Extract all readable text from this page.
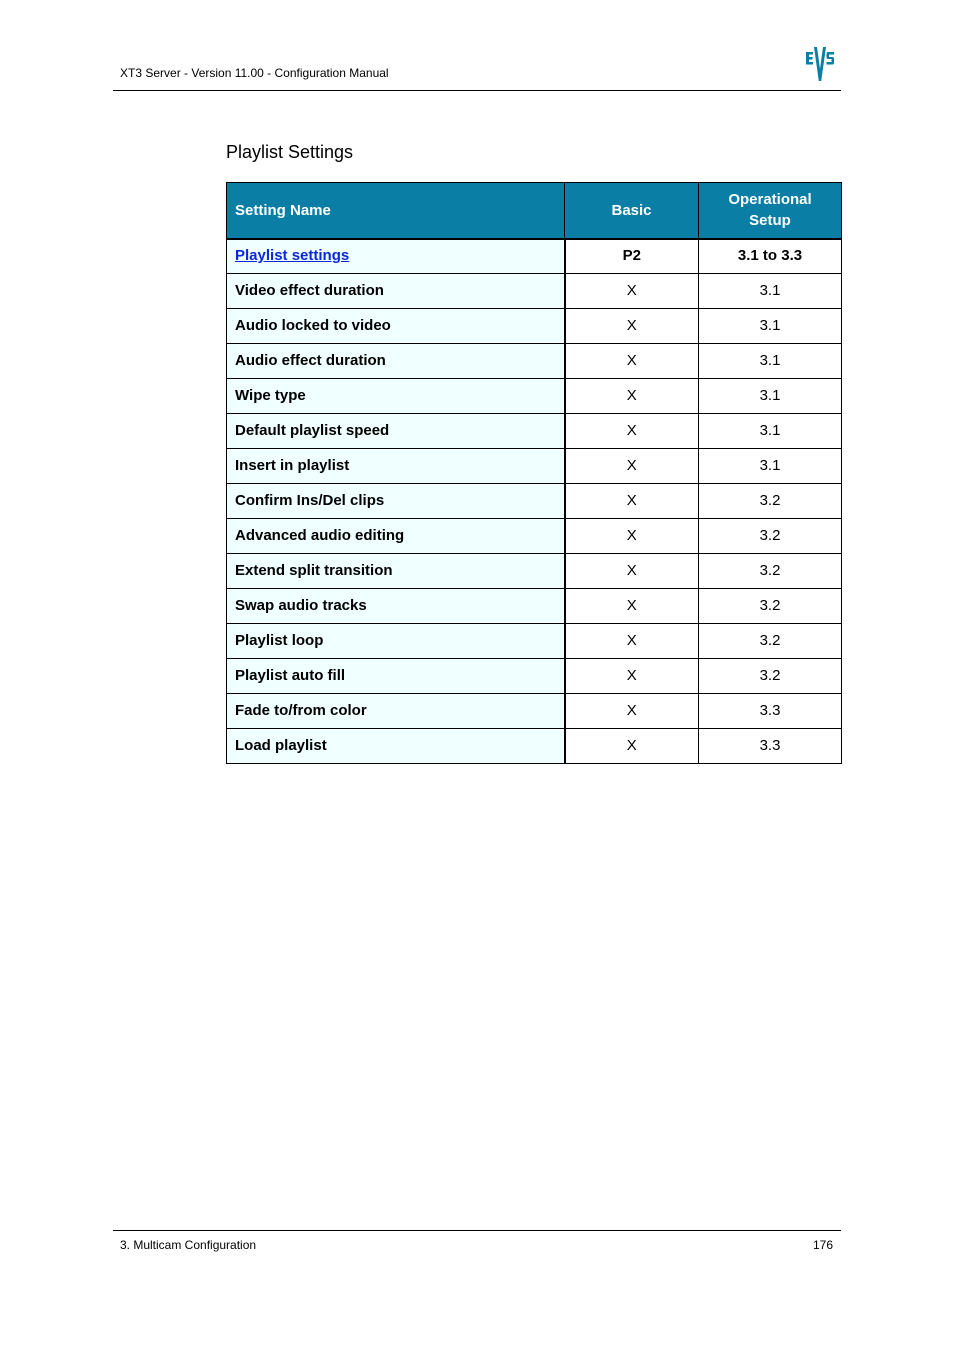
XT3 Server - Version 11.00 - Configuration Manual
Playlist Settings
Setting Name	Basic	Operational Setup
Playlist settings	P2	3.1 to 3.3
Video effect duration	X	3.1
Audio locked to video	X	3.1
Audio effect duration	X	3.1
Wipe type	X	3.1
Default playlist speed	X	3.1
Insert in playlist	X	3.1
Confirm Ins/Del clips	X	3.2
Advanced audio editing	X	3.2
Extend split transition	X	3.2
Swap audio tracks	X	3.2
Playlist loop	X	3.2
Playlist auto fill	X	3.2
Fade to/from color	X	3.3
Load playlist	X	3.3
3. Multicam Configuration	176
